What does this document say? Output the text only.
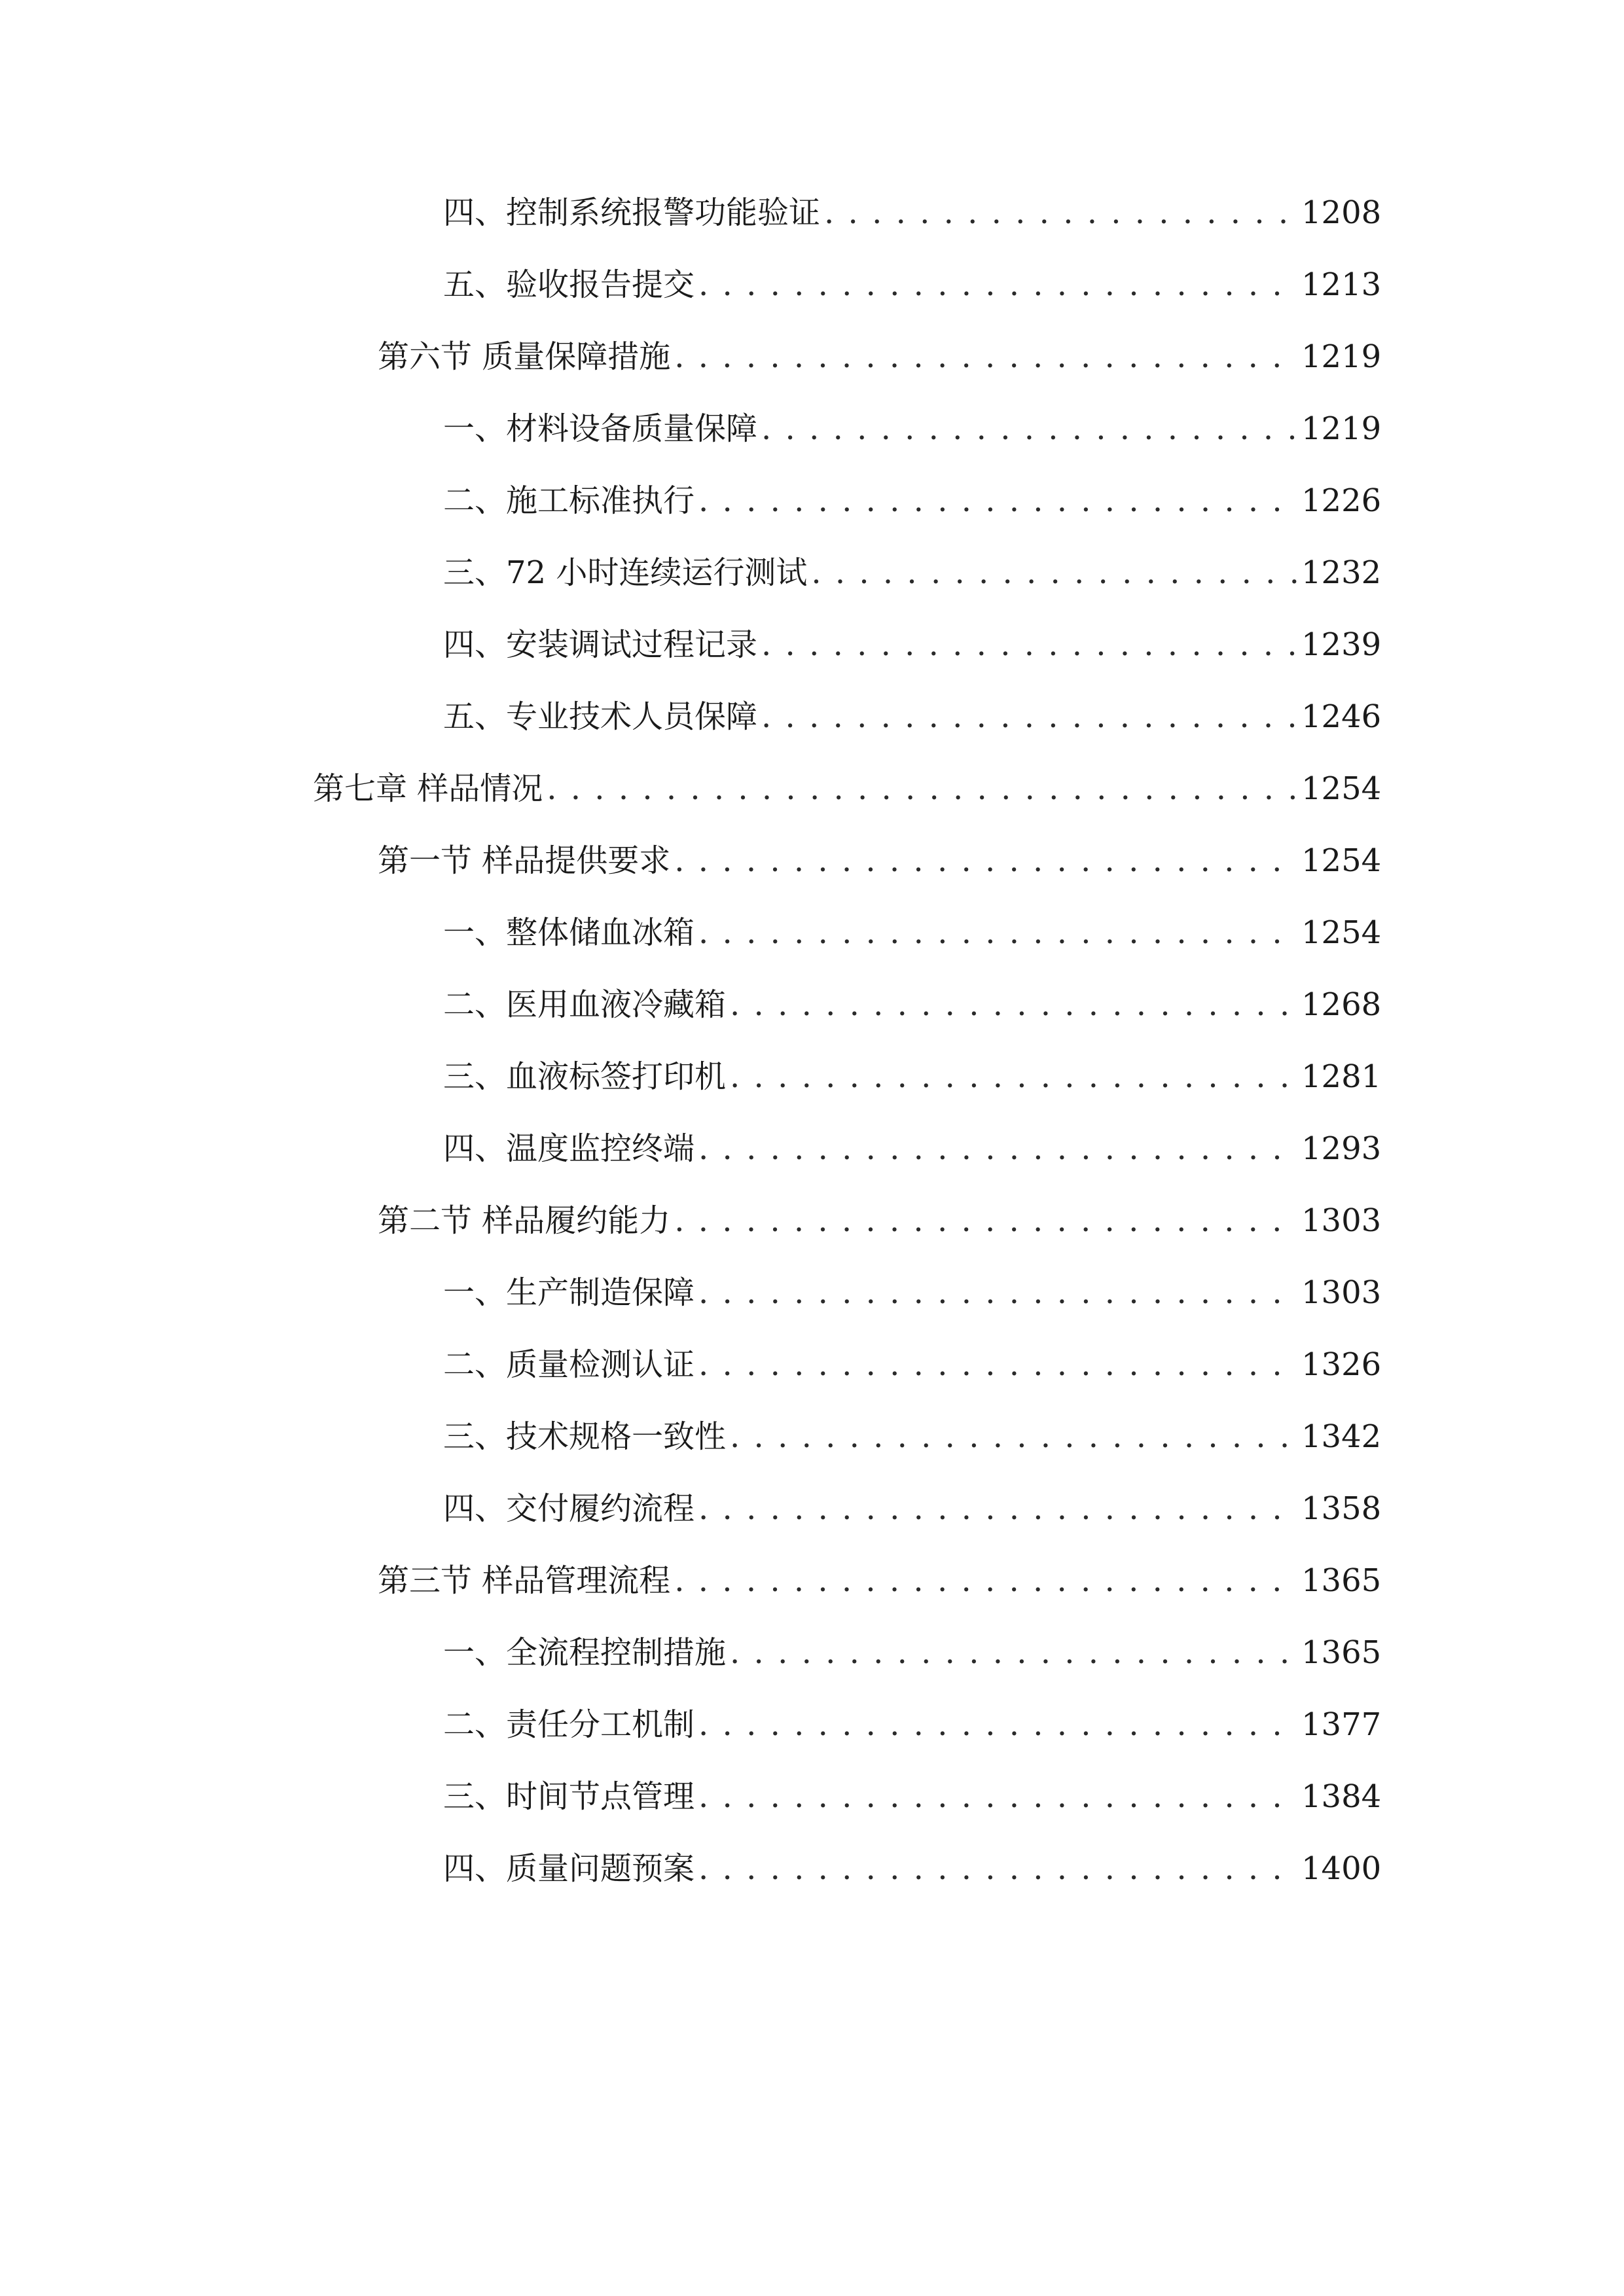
四、 控制系统报警功能验证 . . .	1208
五、 验收报告提交 . . .	1213
第六节 质量保障措施 . . .	1219
一、 材料设备质量保障 . . .	1219
二、 施工标准执行 . . .	1226
三、 72 小时连续运行测试 . . .	1232
四、 安装调试过程记录 . . .	1239
五、 专业技术人员保障 . . .	1246
第七章 样品情况 . . .	1254
第一节 样品提供要求 . . .	1254
一、 整体储血冰箱 . . .	1254
二、 医用血液冷藏箱 . . .	1268
三、 血液标签打印机 . . .	1281
四、 温度监控终端 . . .	1293
第二节 样品履约能力 . . .	1303
一、 生产制造保障 . . .	1303
二、 质量检测认证 . . .	1326
三、 技术规格一致性 . . .	1342
四、 交付履约流程 . . .	1358
第三节 样品管理流程 . . .	1365
一、 全流程控制措施 . . .	1365
二、 责任分工机制 . . .	1377
三、 时间节点管理 . . .	1384
四、 质量问题预案 . . .	1400
